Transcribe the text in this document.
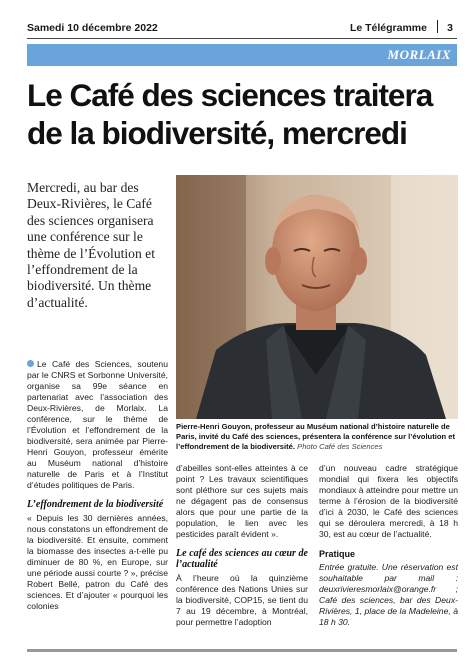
Samedi 10 décembre 2022	Le Télégramme 3
MORLAIX
Le Café des sciences traitera de la biodiversité, mercredi

Mercredi, au bar des Deux-Rivières, le Café des sciences organisera une conférence sur le thème de l’Évolution et l’effondrement de la biodiversité. Un thème d’actualité.

Pierre-Henri Gouyon, professeur au Muséum national d’histoire naturelle de Paris, invité du Café des sciences, présentera la conférence sur l’évolution et l’effondrement de la biodiversité. Photo Café des Sciences

Le Café des Sciences, soutenu par le CNRS et Sorbonne Université, organise sa 99e séance en partenariat avec l’association des Deux-Rivières, de Morlaix. La conférence, sur le thème de l’Évolution et l’effondrement de la biodiversité, sera animée par Pierre-Henri Gouyon, professeur émérite au Muséum national d’histoire naturelle de Paris et à l’Institut d’études politiques de Paris.

L’effondrement de la biodiversité

« Depuis les 30 dernières années, nous constatons un effondrement de la biodiversité. Et ensuite, comment la biomasse des insectes a-t-elle pu diminuer de 80 %, en Europe, sur une période aussi courte ? », précise Robert Bellé, patron du Café des sciences. Et d’ajouter « pourquoi les colonies

d’abeilles sont-elles atteintes à ce point ? Les travaux scientifiques sont pléthore sur ces sujets mais ne dégagent pas de consensus alors que pour une partie de la population, le lien avec les pesticides paraît évident ».

Le café des sciences au cœur de l’actualité

À l’heure où la quinzième conférence des Nations Unies sur la biodiversité, COP15, se tient du 7 au 19 décembre, à Montréal, pour permettre l’adoption

d’un nouveau cadre stratégique mondial qui fixera les objectifs mondiaux à atteindre pour mettre un terme à l’érosion de la biodiversité d’ici à 2030, le Café des sciences qui se déroulera mercredi, à 18 h 30, est au cœur de l’actualité.

Pratique

Entrée gratuite. Une réservation est souhaitable par mail : deuxrivieresmorlaix@orange.fr ; Café des sciences, bar des Deux-Rivières, 1, place de la Madeleine, à 18 h 30.
